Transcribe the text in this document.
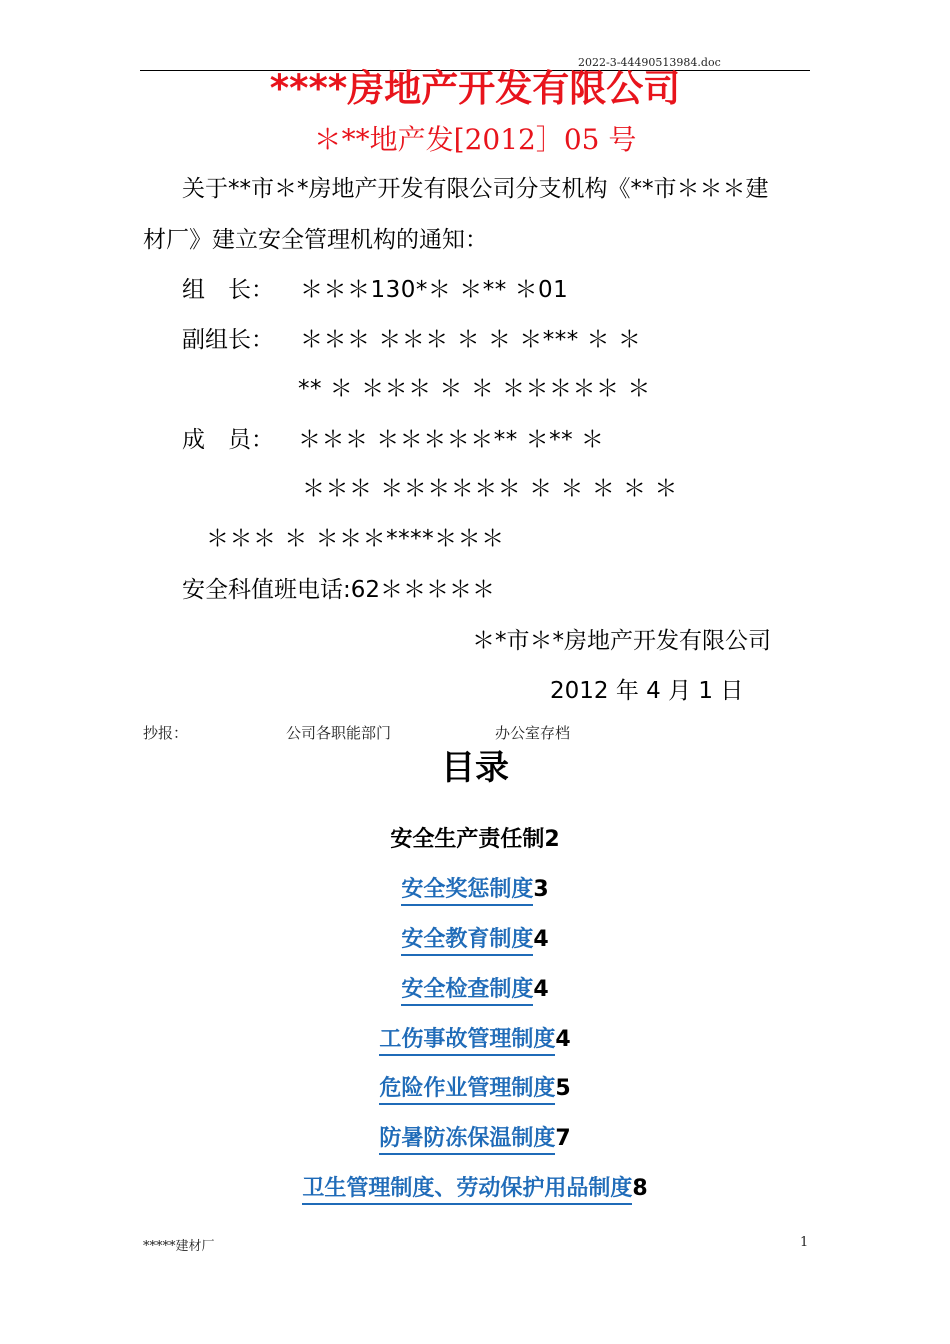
2022-3-44490513984.doc
****房地产开发有限公司
＊**地产发[2012］05 号
关于**市＊*房地产开发有限公司分支机构《**市＊＊＊建
材厂》建立安全管理机构的通知：
组　长： ＊＊＊130*＊ ＊** ＊01
副组长： ＊＊＊ ＊＊＊ ＊ ＊ ＊*** ＊ ＊
** ＊ ＊＊＊ ＊ ＊ ＊＊＊＊＊ ＊
成　员： ＊＊＊ ＊＊＊＊＊** ＊** ＊
＊＊＊ ＊＊＊＊＊＊ ＊ ＊ ＊ ＊ ＊
＊＊＊ ＊ ＊＊＊****＊＊＊
安全科值班电话:62＊＊＊＊＊
＊*市＊*房地产开发有限公司
2012 年 4 月 1 日
抄报：	公司各职能部门	办公室存档
目录
安全生产责任制2
安全奖惩制度3
安全教育制度4
安全检查制度4
工伤事故管理制度4
危险作业管理制度5
防暑防冻保温制度7
卫生管理制度、劳动保护用品制度8
*****建材厂	1
